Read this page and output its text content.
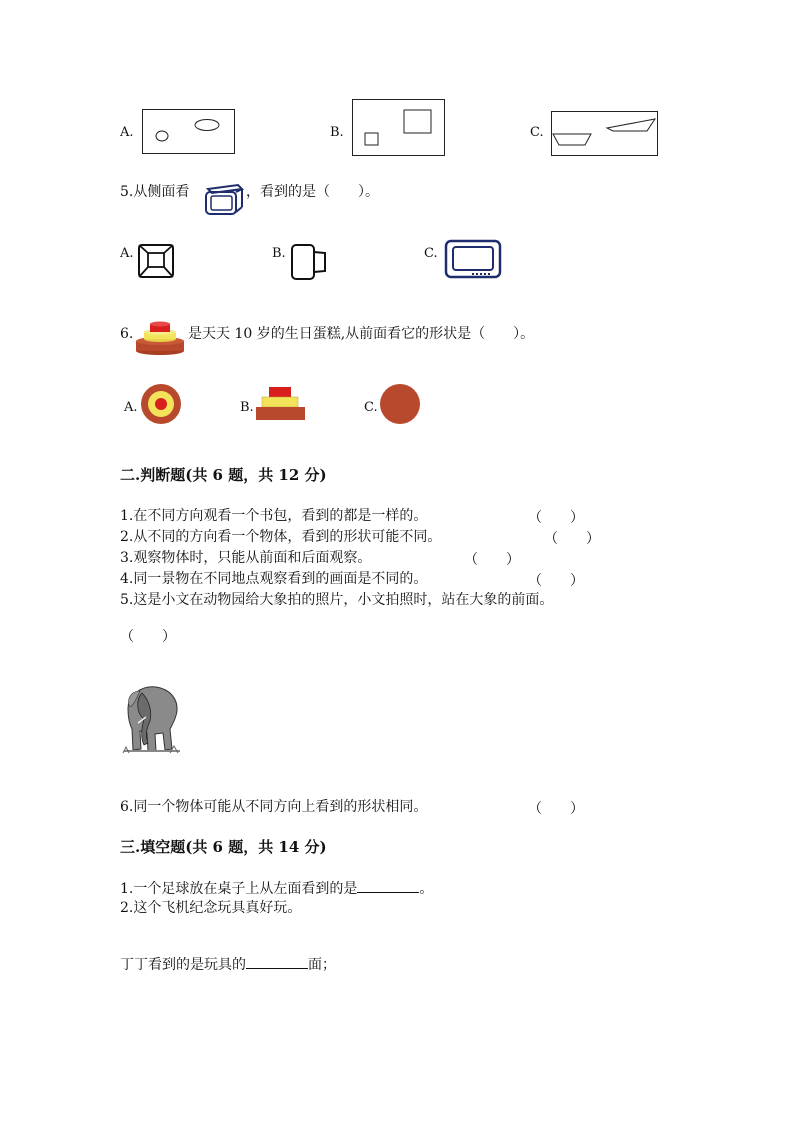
A.	B.	C.
5.从侧面看	，看到的是（　　）。
A.	B.	C.
6.	是天天 10 岁的生日蛋糕,从前面看它的形状是（　　）。
A.	B.	C.
二.判断题(共 6 题，共 12 分)
1.在不同方向观看一个书包，看到的都是一样的。	（　　）
2.从不同的方向看一个物体，看到的形状可能不同。	（　　）
3.观察物体时，只能从前面和后面观察。	（　　）
4.同一景物在不同地点观察看到的画面是不同的。	（　　）
5.这是小文在动物园给大象拍的照片，小文拍照时，站在大象的前面。
（　　）
6.同一个物体可能从不同方向上看到的形状相同。	（　　）
三.填空题(共 6 题，共 14 分)
1.一个足球放在桌子上从左面看到的是	。
2.这个飞机纪念玩具真好玩。
丁丁看到的是玩具的	面；
